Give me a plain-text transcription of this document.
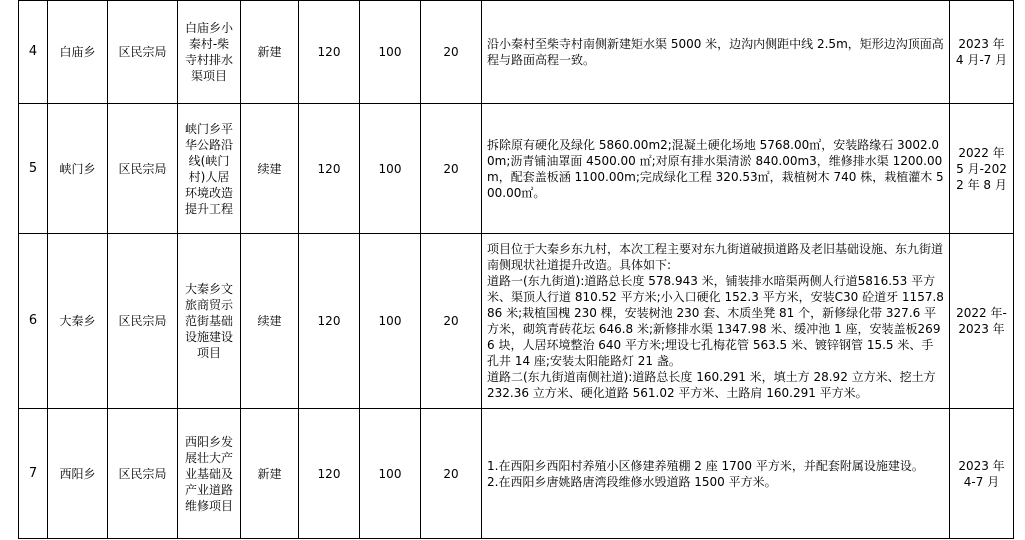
4	白庙乡	区民宗局	白庙乡小秦村-柴寺村排水渠项目	新建	120	100	20	沿小秦村至柴寺村南侧新建矩水渠 5000 米，边沟内侧距中线 2.5m，矩形边沟顶面高程与路面高程一致。	2023 年 4 月-7 月
5	峡门乡	区民宗局	峡门乡平华公路沿线(峡门村)人居环境改造提升工程	续建	120	100	20	拆除原有硬化及绿化 5860.00m2;混凝土硬化场地 5768.00㎡，安装路缘石 3002.00m;沥青铺油罩面 4500.00 ㎡;对原有排水渠清淤 840.00m3，维修排水渠 1200.00m，配套盖板涵 1100.00m;完成绿化工程 320.53㎡，栽植树木 740 株，栽植灌木 500.00㎡。	2022 年 5 月-2022 年 8 月
6	大秦乡	区民宗局	大秦乡文旅商贸示范街基础设施建设项目	续建	120	100	20	项目位于大秦乡东九村，本次工程主要对东九街道破损道路及老旧基础设施、东九街道南侧现状社道提升改造。具体如下:
道路一(东九街道):道路总长度 578.943 米，铺装排水暗渠两侧人行道5816.53 平方米、渠顶人行道 810.52 平方米;小入口硬化 152.3 平方米，安装C30 砼道牙 1157.886 米;栽植国槐 230 棵，安装树池 230 套、木质坐凳 81 个，新修绿化带 327.6 平方米，砌筑青砖花坛 646.8 米;新修排水渠 1347.98 米、缓冲池 1 座，安装盖板2696 块，人居环境整治 640 平方米;埋设七孔梅花管 563.5 米、镀锌钢管 15.5 米、手孔井 14 座;安装太阳能路灯 21 盏。
道路二(东九街道南侧社道):道路总长度 160.291 米，填土方 28.92 立方米、挖土方 232.36 立方米、硬化道路 561.02 平方米、土路肩 160.291 平方米。	2022 年-2023 年
7	西阳乡	区民宗局	西阳乡发展壮大产业基础及产业道路维修项目	新建	120	100	20	1.在西阳乡西阳村养殖小区修建养殖棚 2 座 1700 平方米，并配套附属设施建设。
2.在西阳乡唐姚路唐湾段维修水毁道路 1500 平方米。	2023 年 4-7 月
